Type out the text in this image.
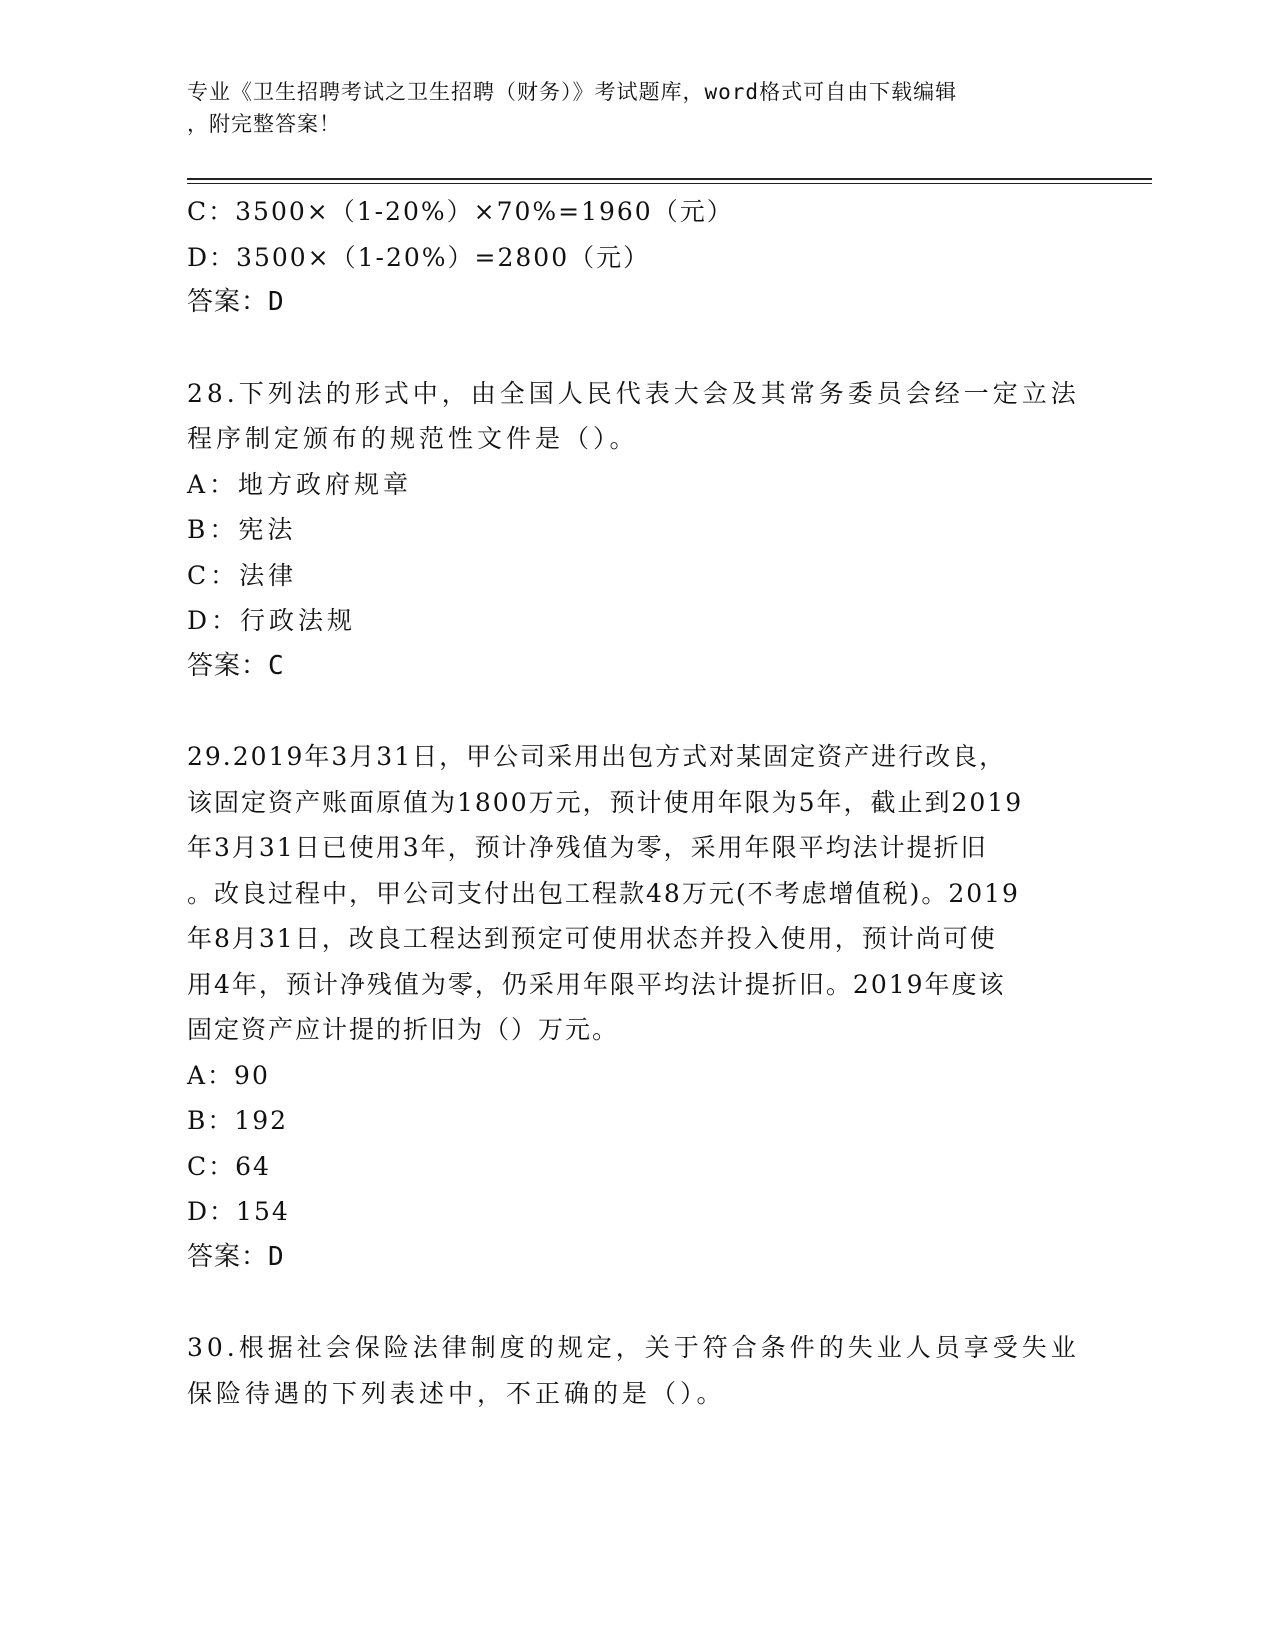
专业《卫生招聘考试之卫生招聘（财务）》考试题库，word格式可自由下载编辑
，附完整答案！
C：3500×（1-20%）×70%=1960（元）
D：3500×（1-20%）=2800（元）
答案：D
28.下列法的形式中，由全国人民代表大会及其常务委员会经一定立法
程序制定颁布的规范性文件是（）。
A：地方政府规章
B：宪法
C：法律
D：行政法规
答案：C
29.2019年3月31日，甲公司采用出包方式对某固定资产进行改良，
该固定资产账面原值为1800万元，预计使用年限为5年，截止到2019
年3月31日已使用3年，预计净残值为零，采用年限平均法计提折旧
。改良过程中，甲公司支付出包工程款48万元(不考虑增值税)。2019
年8月31日，改良工程达到预定可使用状态并投入使用，预计尚可使
用4年，预计净残值为零，仍采用年限平均法计提折旧。2019年度该
固定资产应计提的折旧为（）万元。
A：90
B：192
C：64
D：154
答案：D
30.根据社会保险法律制度的规定，关于符合条件的失业人员享受失业
保险待遇的下列表述中，不正确的是（）。
